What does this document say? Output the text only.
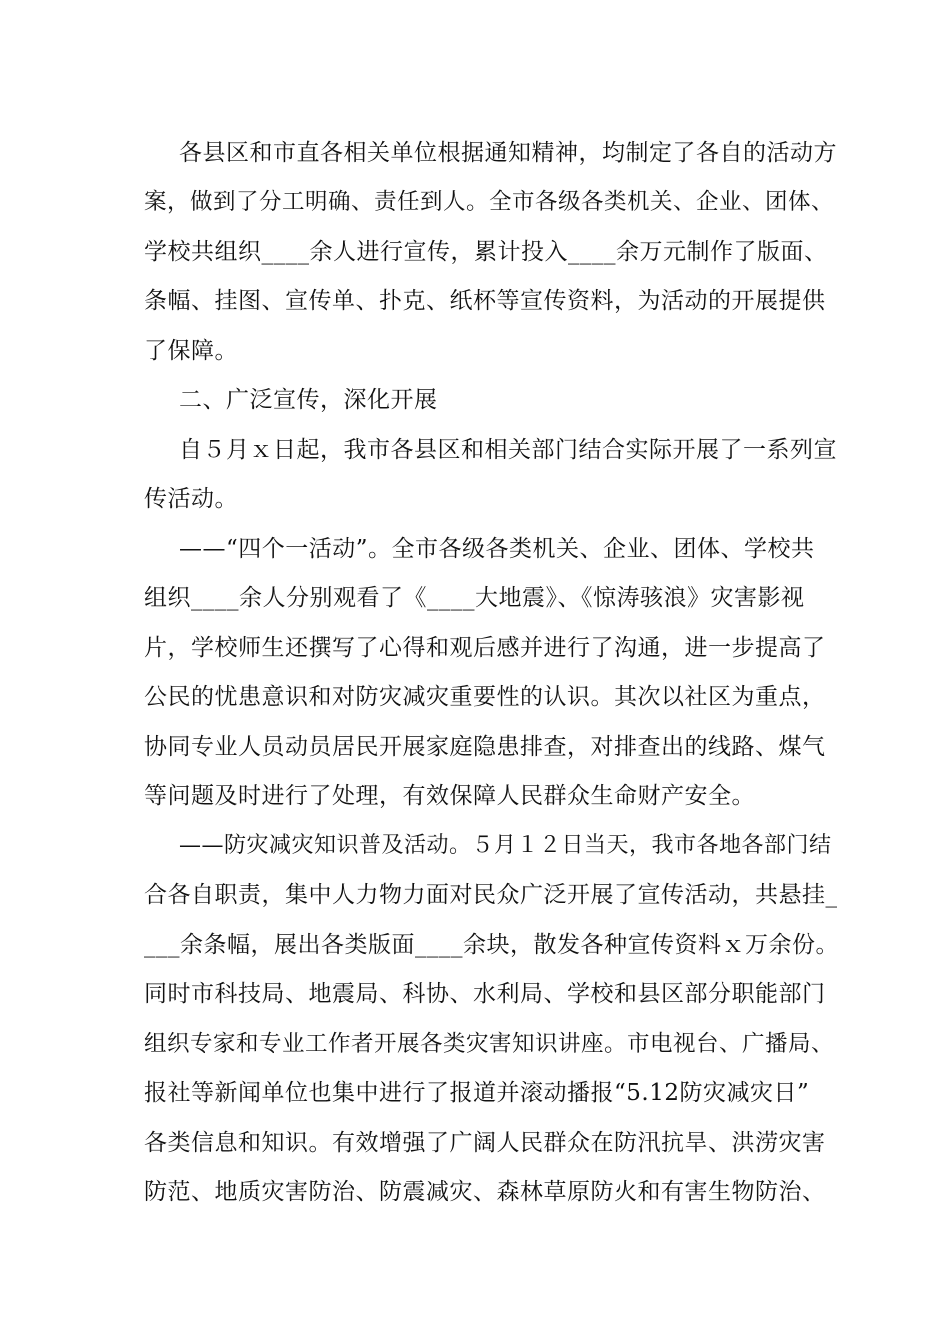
各县区和市直各相关单位根据通知精神，均制定了各自的活动方
案，做到了分工明确、责任到人。全市各级各类机关、企业、团体、
学校共组织____余人进行宣传，累计投入____余万元制作了版面、
条幅、挂图、宣传单、扑克、纸杯等宣传资料，为活动的开展提供
了保障。
二、广泛宣传，深化开展
自５月ｘ日起，我市各县区和相关部门结合实际开展了一系列宣
传活动。
——“四个一活动”。全市各级各类机关、企业、团体、学校共
组织____余人分别观看了《____大地震》、《惊涛骇浪》灾害影视
片，学校师生还撰写了心得和观后感并进行了沟通，进一步提高了
公民的忧患意识和对防灾减灾重要性的认识。其次以社区为重点，
协同专业人员动员居民开展家庭隐患排查，对排查出的线路、煤气
等问题及时进行了处理，有效保障人民群众生命财产安全。
——防灾减灾知识普及活动。５月１２日当天，我市各地各部门结
合各自职责，集中人力物力面对民众广泛开展了宣传活动，共悬挂_
___余条幅，展出各类版面____余块，散发各种宣传资料ｘ万余份。
同时市科技局、地震局、科协、水利局、学校和县区部分职能部门
组织专家和专业工作者开展各类灾害知识讲座。市电视台、广播局、
报社等新闻单位也集中进行了报道并滚动播报“5.12防灾减灾日”
各类信息和知识。有效增强了广阔人民群众在防汛抗旱、洪涝灾害
防范、地质灾害防治、防震减灾、森林草原防火和有害生物防治、
